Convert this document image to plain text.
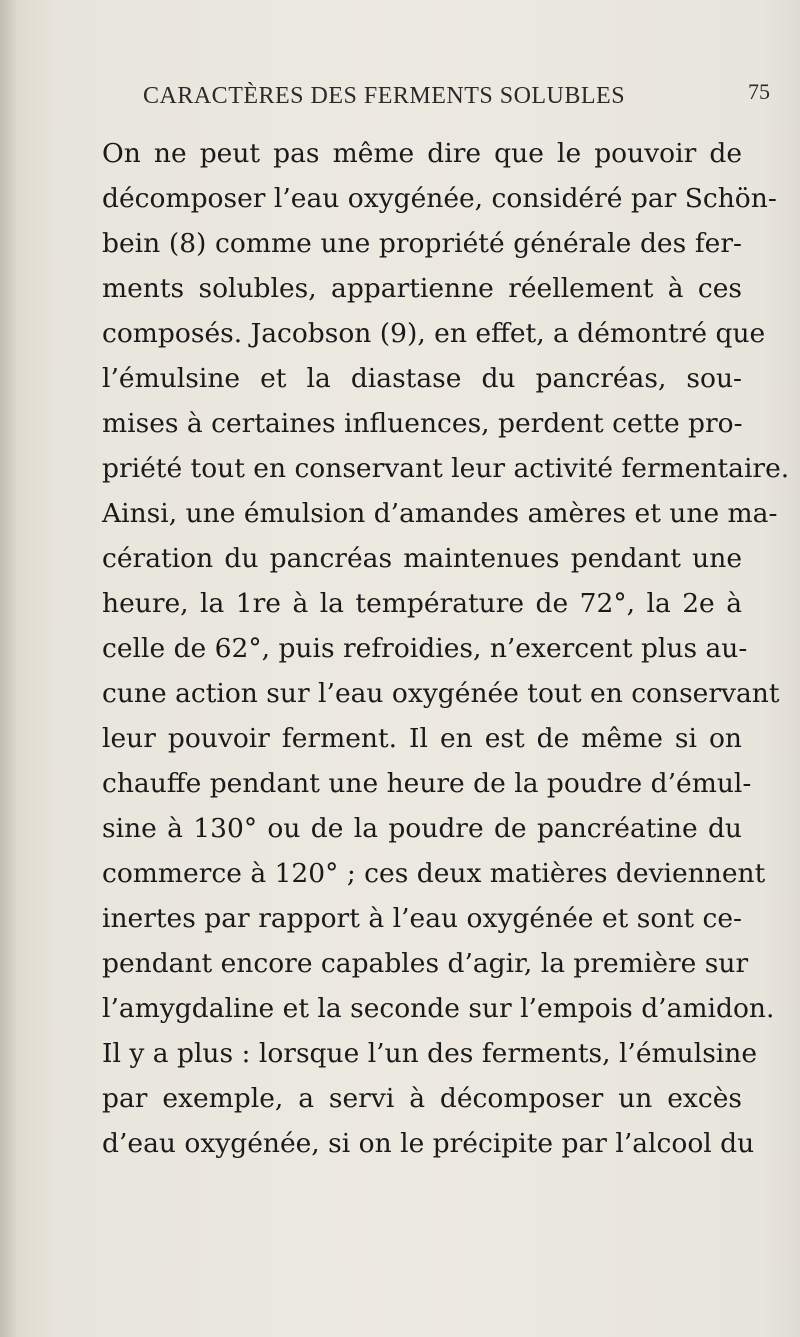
CARACTÈRES DES FERMENTS SOLUBLES	75
On ne peut pas même dire que le pouvoir de
décomposer l’eau oxygénée, considéré par Schön-
bein (8) comme une propriété générale des fer-
ments solubles, appartienne réellement à ces
composés. Jacobson (9), en effet, a démontré que
l’émulsine et la diastase du pancréas, sou-
mises à certaines influences, perdent cette pro-
priété tout en conservant leur activité fermentaire.
Ainsi, une émulsion d’amandes amères et une ma-
cération du pancréas maintenues pendant une
heure, la 1re à la température de 72°, la 2e à
celle de 62°, puis refroidies, n’exercent plus au-
cune action sur l’eau oxygénée tout en conservant
leur pouvoir ferment. Il en est de même si on
chauffe pendant une heure de la poudre d’émul-
sine à 130° ou de la poudre de pancréatine du
commerce à 120° ; ces deux matières deviennent
inertes par rapport à l’eau oxygénée et sont ce-
pendant encore capables d’agir, la première sur
l’amygdaline et la seconde sur l’empois d’amidon.
Il y a plus : lorsque l’un des ferments, l’émulsine
par exemple, a servi à décomposer un excès
d’eau oxygénée, si on le précipite par l’alcool du
